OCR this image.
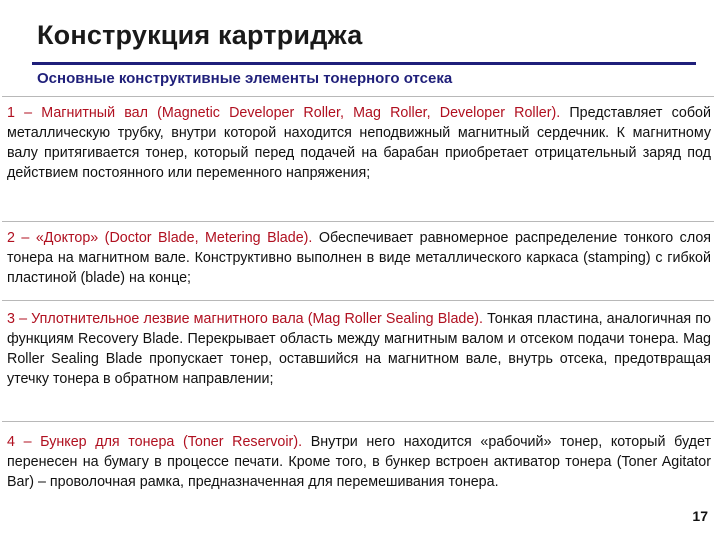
Конструкция картриджа
Основные конструктивные элементы тонерного отсека

1 – Магнитный вал (Magnetic Developer Roller, Mag Roller, Developer Roller). Представляет собой металлическую трубку, внутри которой находится неподвижный магнитный сердечник. К магнитному валу притягивается тонер, который перед подачей на барабан приобретает отрицательный заряд под действием постоянного или переменного напряжения;

2 – «Доктор» (Doctor Blade, Metering Blade). Обеспечивает равномерное распределение тонкого слоя тонера на магнитном вале. Конструктивно выполнен в виде металлического каркаса (stamping) с гибкой пластиной (blade) на конце;

3 – Уплотнительное лезвие магнитного вала (Mag Roller Sealing Blade). Тонкая пластина, аналогичная по функциям Recovery Blade. Перекрывает область между магнитным валом и отсеком подачи тонера. Mag Roller Sealing Blade пропускает тонер, оставшийся на магнитном вале, внутрь отсека, предотвращая утечку тонера в обратном направлении;

4 – Бункер для тонера (Toner Reservoir). Внутри него находится «рабочий» тонер, который будет перенесен на бумагу в процессе печати. Кроме того, в бункер встроен активатор тонера (Toner Agitator Bar) – проволочная рамка, предназначенная для перемешивания тонера.

17
